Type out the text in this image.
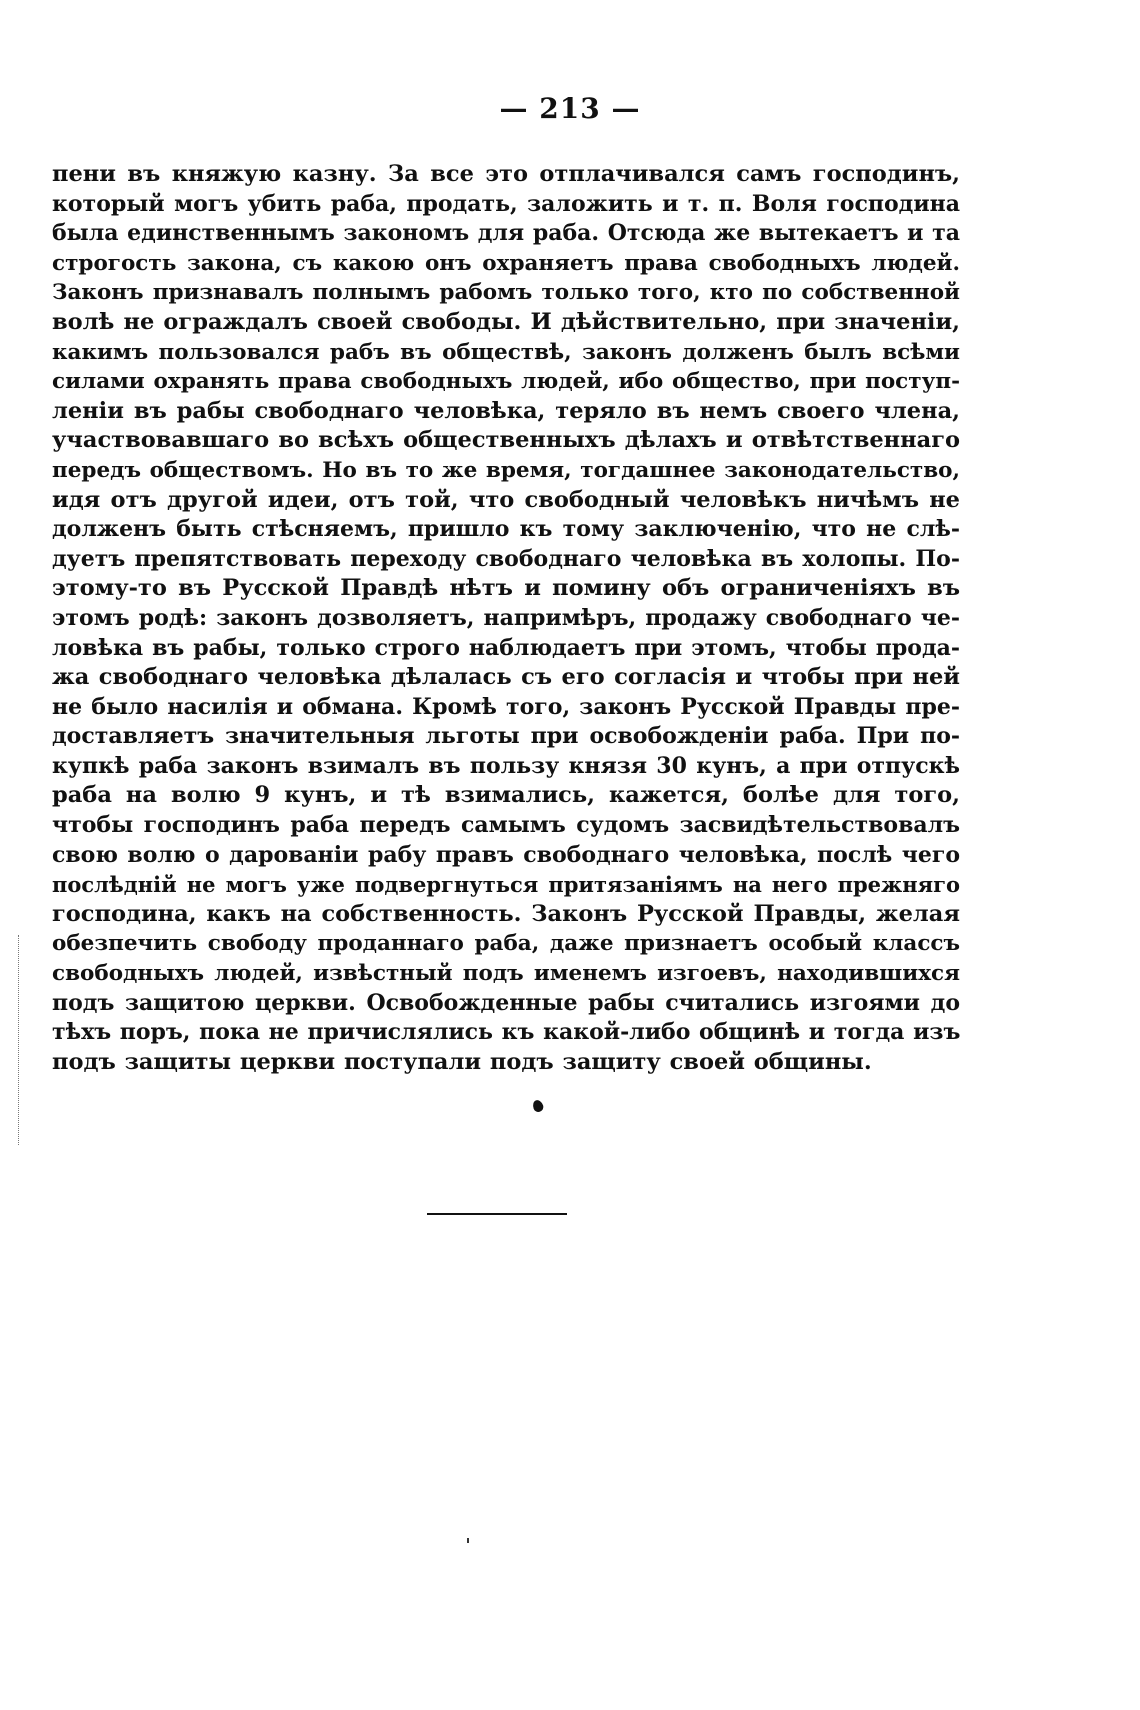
— 213 —
пени въ княжую казну. За все это отплачивался самъ господинъ,
который могъ убить раба, продать, заложить и т. п. Воля господина
была единственнымъ закономъ для раба. Отсюда же вытекаетъ и та
строгость закона, съ какою онъ охраняетъ права свободныхъ людей.
Законъ признавалъ полнымъ рабомъ только того, кто по собственной
волѣ не ограждалъ своей свободы. И дѣйствительно, при значеніи,
какимъ пользовался рабъ въ обществѣ, законъ долженъ былъ всѣми
силами охранять права свободныхъ людей, ибо общество, при поступ-
леніи въ рабы свободнаго человѣка, теряло въ немъ своего члена,
участвовавшаго во всѣхъ общественныхъ дѣлахъ и отвѣтственнаго
передъ обществомъ. Но въ то же время, тогдашнее законодательство,
идя отъ другой идеи, отъ той, что свободный человѣкъ ничѣмъ не
долженъ быть стѣсняемъ, пришло къ тому заключенію, что не слѣ-
дуетъ препятствовать переходу свободнаго человѣка въ холопы. По-
этому-то въ Русской Правдѣ нѣтъ и помину объ ограниченіяхъ въ
этомъ родѣ: законъ дозволяетъ, напримѣръ, продажу свободнаго че-
ловѣка въ рабы, только строго наблюдаетъ при этомъ, чтобы прода-
жа свободнаго человѣка дѣлалась съ его согласія и чтобы при ней
не было насилія и обмана. Кромѣ того, законъ Русской Правды пре-
доставляетъ значительныя льготы при освобожденіи раба. При по-
купкѣ раба законъ взималъ въ пользу князя 30 кунъ, а при отпускѣ
раба на волю 9 кунъ, и тѣ взимались, кажется, болѣе для того,
чтобы господинъ раба передъ самымъ судомъ засвидѣтельствовалъ
свою волю о дарованіи рабу правъ свободнаго человѣка, послѣ чего
послѣдній не могъ уже подвергнуться притязаніямъ на него прежняго
господина, какъ на собственность. Законъ Русской Правды, желая
обезпечить свободу проданнаго раба, даже признаетъ особый классъ
свободныхъ людей, извѣстный подъ именемъ изгоевъ, находившихся
подъ защитою церкви. Освобожденные рабы считались изгоями до
тѣхъ поръ, пока не причислялись къ какой-либо общинѣ и тогда изъ
подъ защиты церкви поступали подъ защиту своей общины.
